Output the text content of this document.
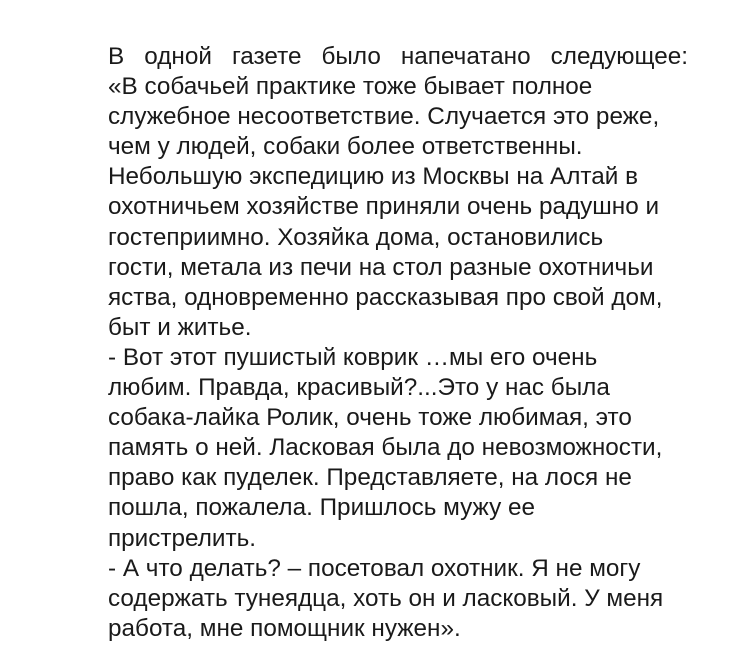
В одной газете было напечатано следующее:
«В собачьей практике тоже бывает полное
служебное несоответствие. Случается это реже,
чем у людей, собаки более ответственны.
Небольшую экспедицию из Москвы на Алтай в
охотничьем хозяйстве приняли очень радушно и
гостеприимно. Хозяйка дома, остановились
гости, метала из печи на стол разные охотничьи
яства, одновременно рассказывая про свой дом,
быт и житье.
- Вот этот пушистый коврик …мы его очень
любим. Правда, красивый?...Это у нас была
собака-лайка Ролик, очень тоже любимая, это
память о ней. Ласковая была до невозможности,
право как пуделек. Представляете, на лося не
пошла, пожалела. Пришлось мужу ее
пристрелить.
- А что делать? – посетовал охотник. Я не могу
содержать тунеядца, хоть он и ласковый. У меня
работа, мне помощник нужен».
